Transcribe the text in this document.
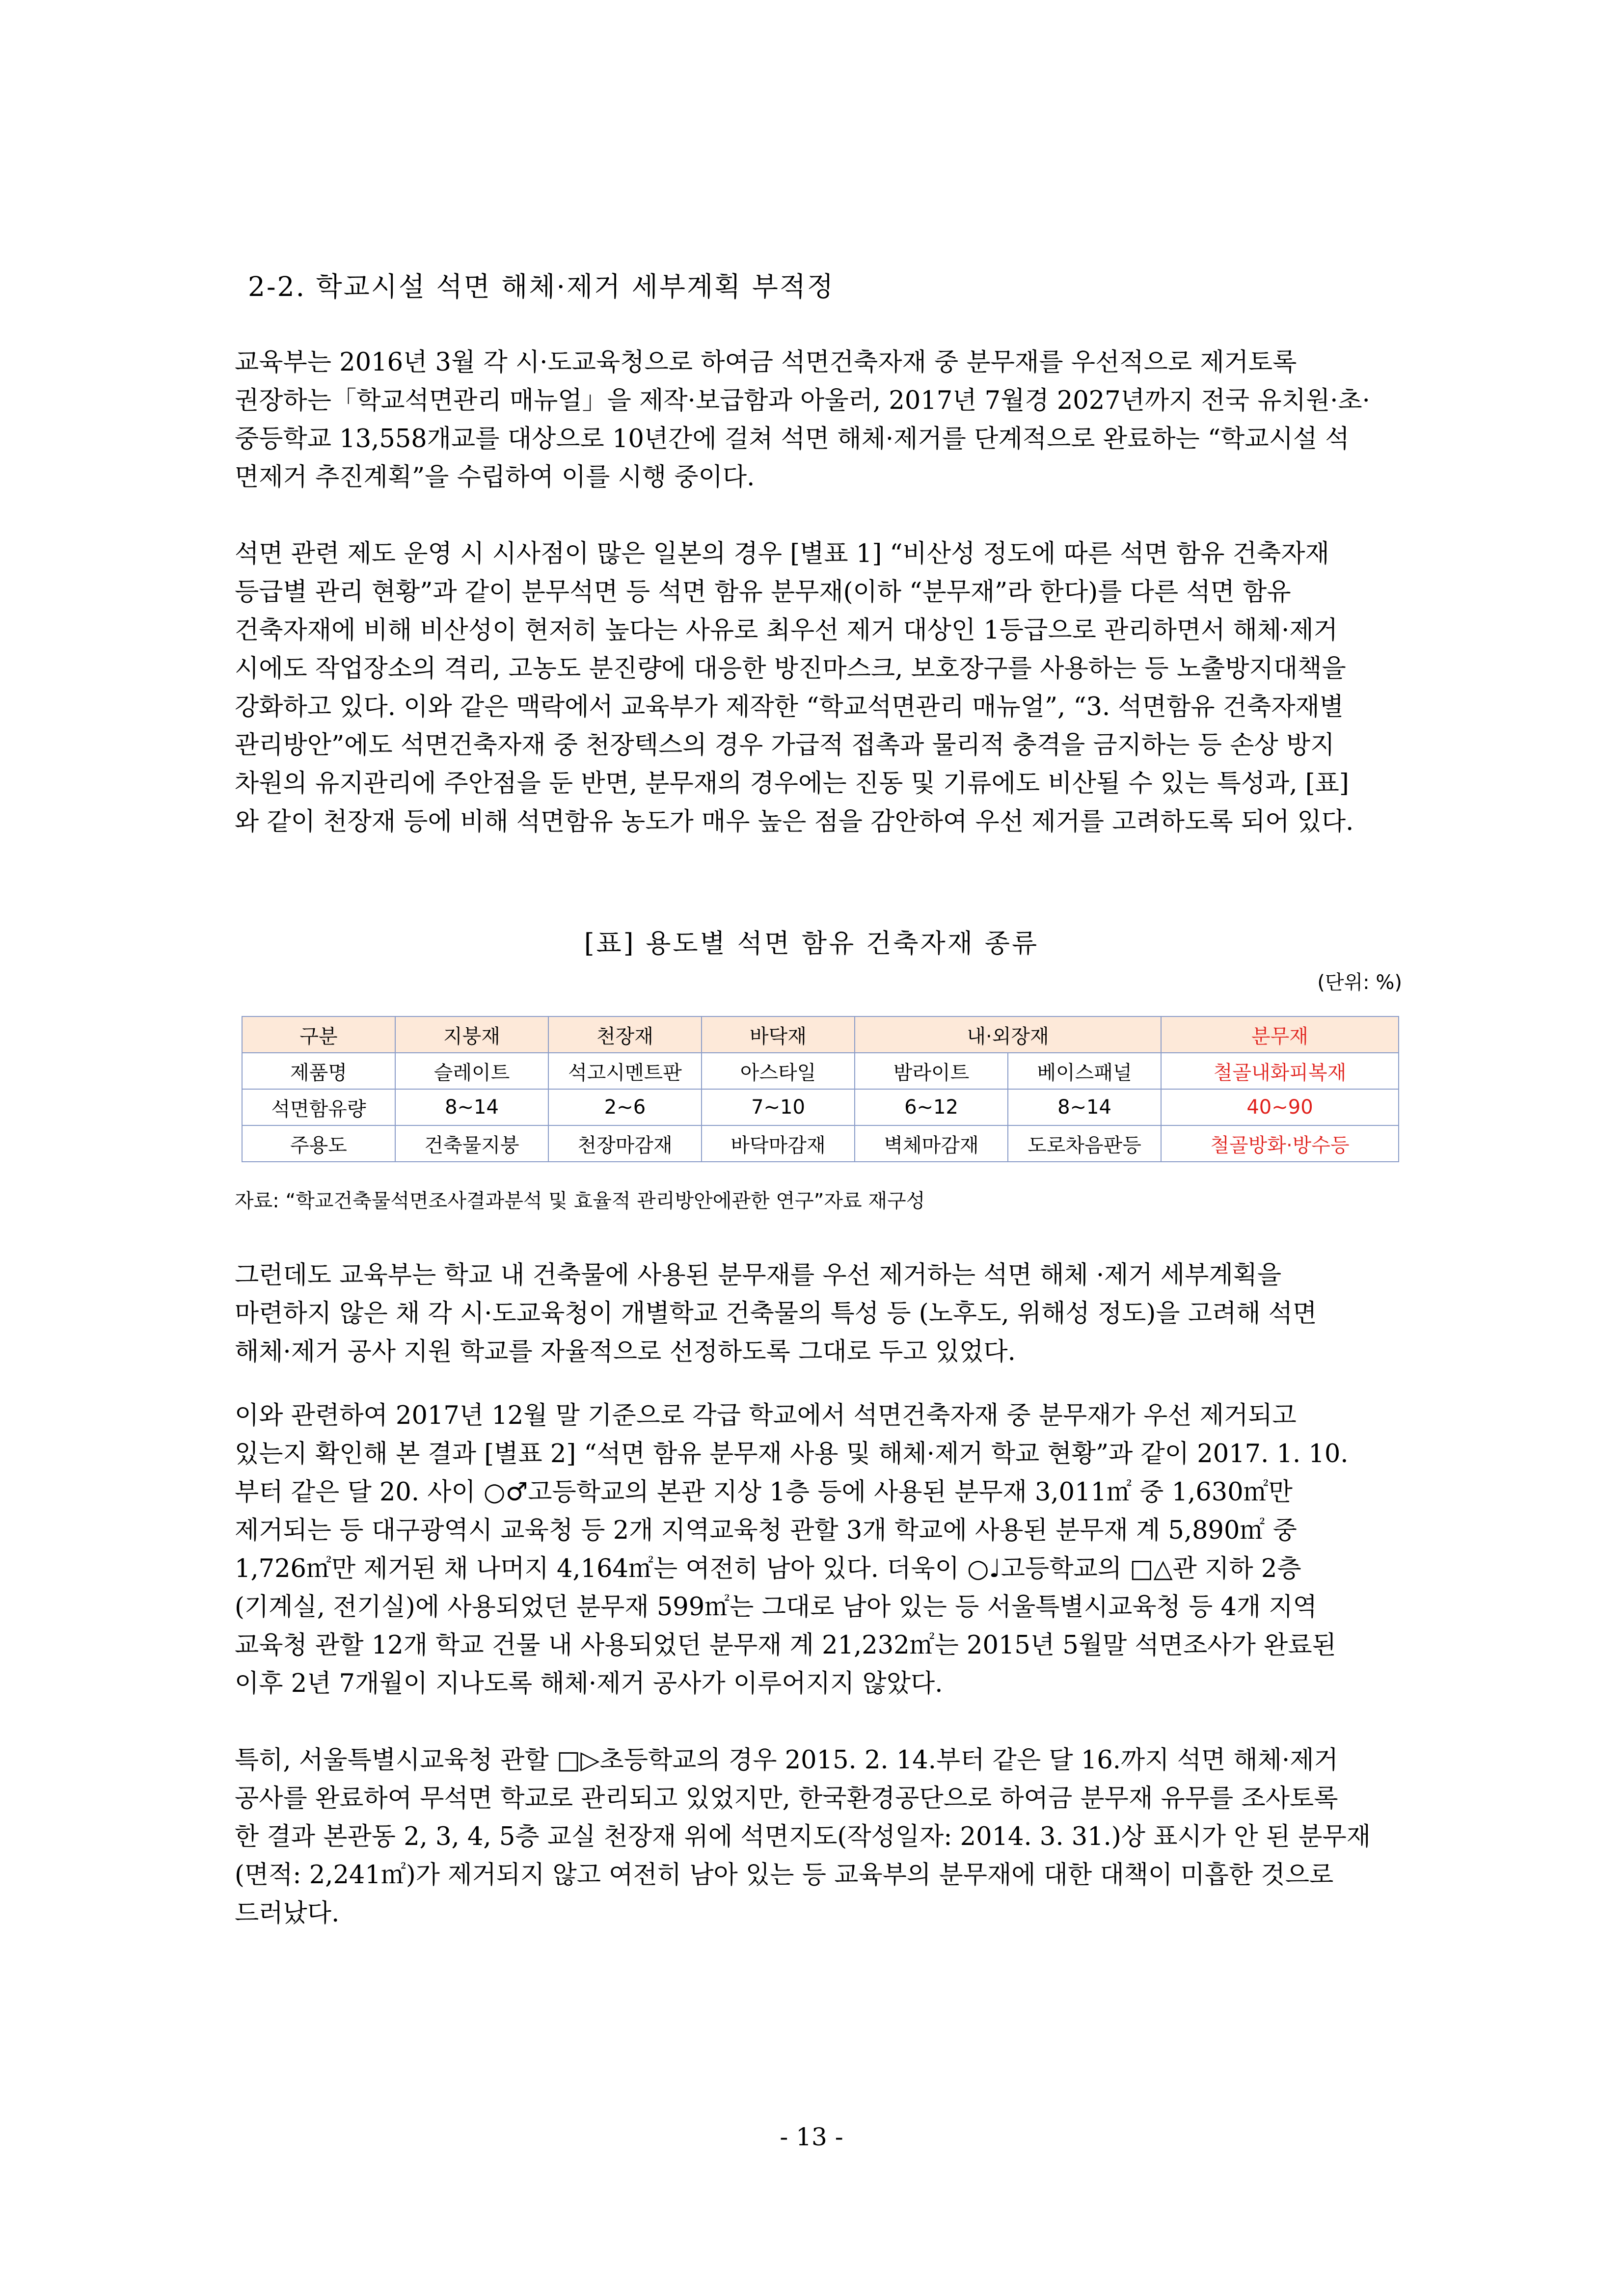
2-2. 학교시설 석면 해체·제거 세부계획 부적정
교육부는 2016년 3월 각 시·도교육청으로 하여금 석면건축자재 중 분무재를 우선적으로 제거토록
권장하는「학교석면관리 매뉴얼」을 제작·보급함과 아울러, 2017년 7월경 2027년까지 전국 유치원·초·
중등학교 13,558개교를 대상으로 10년간에 걸쳐 석면 해체·제거를 단계적으로 완료하는 “학교시설 석
면제거 추진계획”을 수립하여 이를 시행 중이다.
석면 관련 제도 운영 시 시사점이 많은 일본의 경우 [별표 1] “비산성 정도에 따른 석면 함유 건축자재
등급별 관리 현황”과 같이 분무석면 등 석면 함유 분무재(이하 “분무재”라 한다)를 다른 석면 함유
건축자재에 비해 비산성이 현저히 높다는 사유로 최우선 제거 대상인 1등급으로 관리하면서 해체·제거
시에도 작업장소의 격리, 고농도 분진량에 대응한 방진마스크, 보호장구를 사용하는 등 노출방지대책을
강화하고 있다. 이와 같은 맥락에서 교육부가 제작한 “학교석면관리 매뉴얼”, “3. 석면함유 건축자재별
관리방안”에도 석면건축자재 중 천장텍스의 경우 가급적 접촉과 물리적 충격을 금지하는 등 손상 방지
차원의 유지관리에 주안점을 둔 반면, 분무재의 경우에는 진동 및 기류에도 비산될 수 있는 특성과, [표]
와 같이 천장재 등에 비해 석면함유 농도가 매우 높은 점을 감안하여 우선 제거를 고려하도록 되어 있다.
[표] 용도별 석면 함유 건축자재 종류
(단위: %)
구분	지붕재	천장재	바닥재	내·외장재		분무재
제품명	슬레이트	석고시멘트판	아스타일	밤라이트	베이스패널	철골내화피복재
석면함유량	8~14	2~6	7~10	6~12	8~14	40~90
주용도	건축물지붕	천장마감재	바닥마감재	벽체마감재	도로차음판등	철골방화·방수등
자료: “학교건축물석면조사결과분석 및 효율적 관리방안에관한 연구”자료 재구성
그런데도 교육부는 학교 내 건축물에 사용된 분무재를 우선 제거하는 석면 해체 ·제거 세부계획을
마련하지 않은 채 각 시·도교육청이 개별학교 건축물의 특성 등 (노후도, 위해성 정도)을 고려해 석면
해체·제거 공사 지원 학교를 자율적으로 선정하도록 그대로 두고 있었다.
이와 관련하여 2017년 12월 말 기준으로 각급 학교에서 석면건축자재 중 분무재가 우선 제거되고
있는지 확인해 본 결과 [별표 2] “석면 함유 분무재 사용 및 해체·제거 학교 현황”과 같이 2017. 1. 10.
부터 같은 달 20. 사이 ○♂고등학교의 본관 지상 1층 등에 사용된 분무재 3,011㎡ 중 1,630㎡만
제거되는 등 대구광역시 교육청 등 2개 지역교육청 관할 3개 학교에 사용된 분무재 계 5,890㎡ 중
1,726㎡만 제거된 채 나머지 4,164㎡는 여전히 남아 있다. 더욱이 ○♩고등학교의 □△관 지하 2층
(기계실, 전기실)에 사용되었던 분무재 599㎡는 그대로 남아 있는 등 서울특별시교육청 등 4개 지역
교육청 관할 12개 학교 건물 내 사용되었던 분무재 계 21,232㎡는 2015년 5월말 석면조사가 완료된
이후 2년 7개월이 지나도록 해체·제거 공사가 이루어지지 않았다.
특히, 서울특별시교육청 관할 □▷초등학교의 경우 2015. 2. 14.부터 같은 달 16.까지 석면 해체·제거
공사를 완료하여 무석면 학교로 관리되고 있었지만, 한국환경공단으로 하여금 분무재 유무를 조사토록
한 결과 본관동 2, 3, 4, 5층 교실 천장재 위에 석면지도(작성일자: 2014. 3. 31.)상 표시가 안 된 분무재
(면적: 2,241㎡)가 제거되지 않고 여전히 남아 있는 등 교육부의 분무재에 대한 대책이 미흡한 것으로
드러났다.
- 13 -
